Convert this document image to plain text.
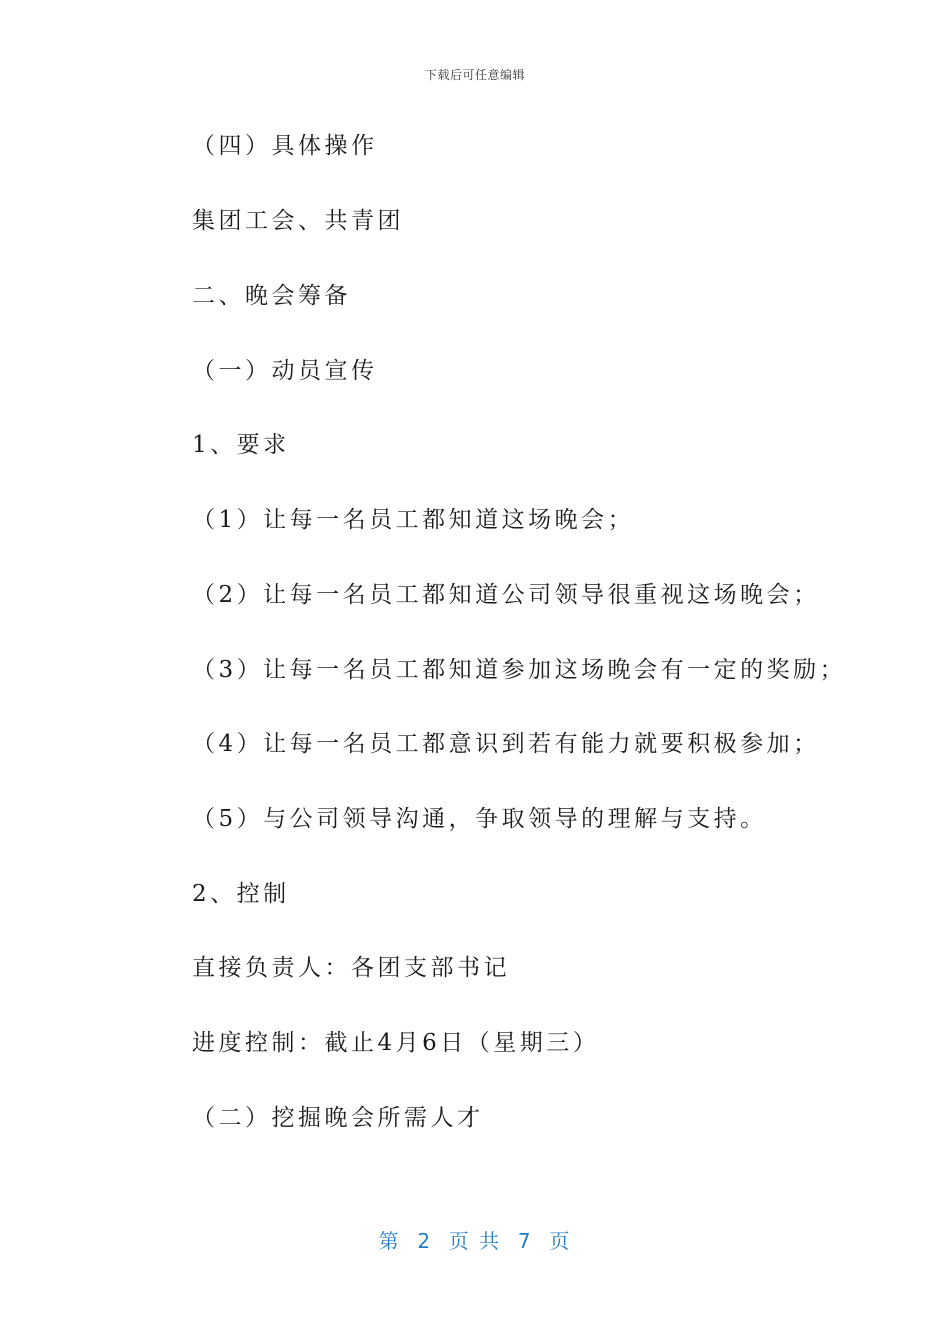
下载后可任意编辑
（四）具体操作
集团工会、共青团
二、晚会筹备
（一）动员宣传
1、要求
（1）让每一名员工都知道这场晚会；
（2）让每一名员工都知道公司领导很重视这场晚会；
（3）让每一名员工都知道参加这场晚会有一定的奖励；
（4）让每一名员工都意识到若有能力就要积极参加；
（5）与公司领导沟通，争取领导的理解与支持。
2、控制
直接负责人：各团支部书记
进度控制：截止4月6日（星期三）
（二）挖掘晚会所需人才
第  2  页 共  7  页
